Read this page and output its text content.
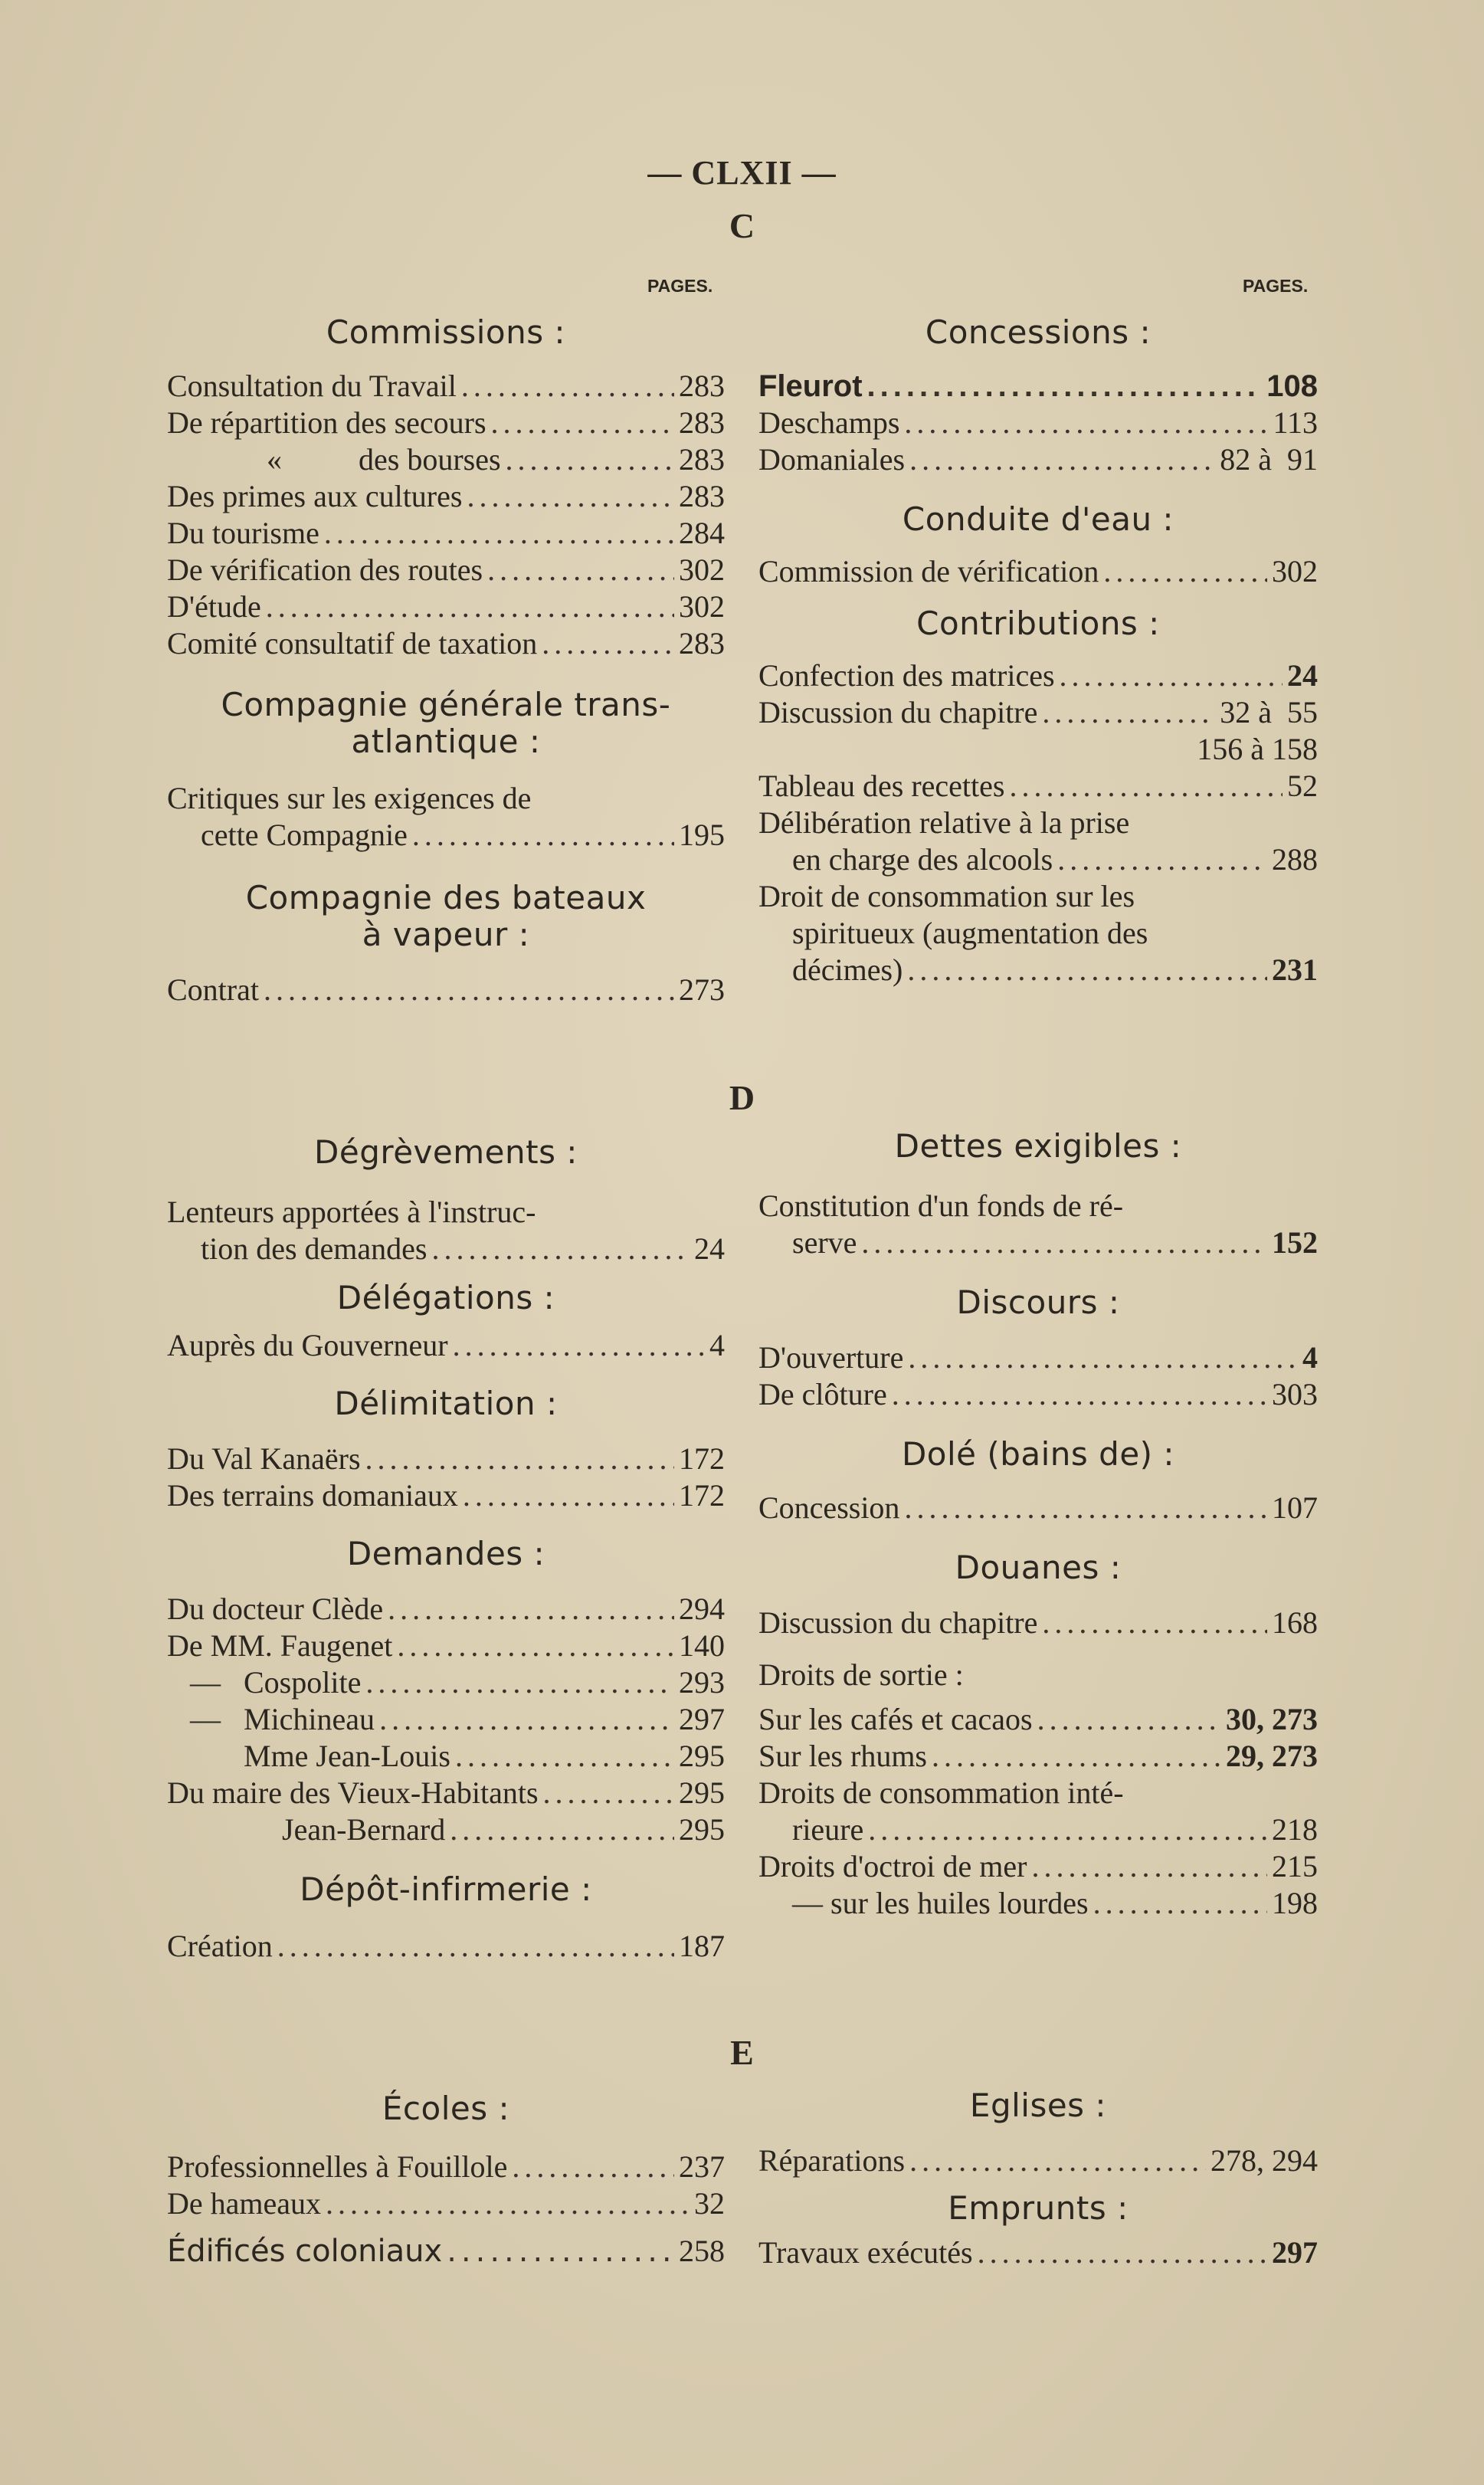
— CLXII —
C
PAGES.	PAGES.
Commissions :
Consultation du Travail .....	283
De répartition des secours .....	283
«          des bourses .....	283
Des primes aux cultures .....	283
Du tourisme .....	284
De vérification des routes .....	302
D'étude .....	302
Comité consultatif de taxation .....	283
Compagnie générale trans-
atlantique :
Critiques sur les exigences de
cette Compagnie .....	195
Compagnie des bateaux
à vapeur :
Contrat .....	273
Concessions :
Fleurot .....	108
Deschamps .....	113
Domaniales .....	82 à  91
Conduite d'eau :
Commission de vérification .....	302
Contributions :
Confection des matrices .....	24
Discussion du chapitre .....	32 à  55
156 à 158
Tableau des recettes .....	52
Délibération relative à la prise
en charge des alcools .....	288
Droit de consommation sur les
spiritueux (augmentation des
décimes) .....	231
D
Dégrèvements :
Lenteurs apportées à l'instruc-
tion des demandes .....	24
Délégations :
Auprès du Gouverneur .....	4
Délimitation :
Du Val Kanaërs .....	172
Des terrains domaniaux .....	172
Demandes :
Du docteur Clède .....	294
De MM. Faugenet .....	140
—   Cospolite .....	293
—   Michineau .....	297
Mme Jean-Louis .....	295
Du maire des Vieux-Habitants .....	295
Jean-Bernard .....	295
Dépôt-infirmerie :
Création .....	187
Dettes exigibles :
Constitution d'un fonds de ré-
serve .....	152
Discours :
D'ouverture .....	4
De clôture .....	303
Dolé (bains de) :
Concession .....	107
Douanes :
Discussion du chapitre .....	168
Droits de sortie :
Sur les cafés et cacaos .....	30, 273
Sur les rhums .....	29, 273
Droits de consommation inté-
rieure .....	218
Droits d'octroi de mer .....	215
— sur les huiles lourdes .....	198
E
Écoles :
Professionnelles à Fouillole .....	237
De hameaux .....	32
Édificés coloniaux .....	258
Eglises :
Réparations .....	278, 294
Emprunts :
Travaux exécutés .....	297
